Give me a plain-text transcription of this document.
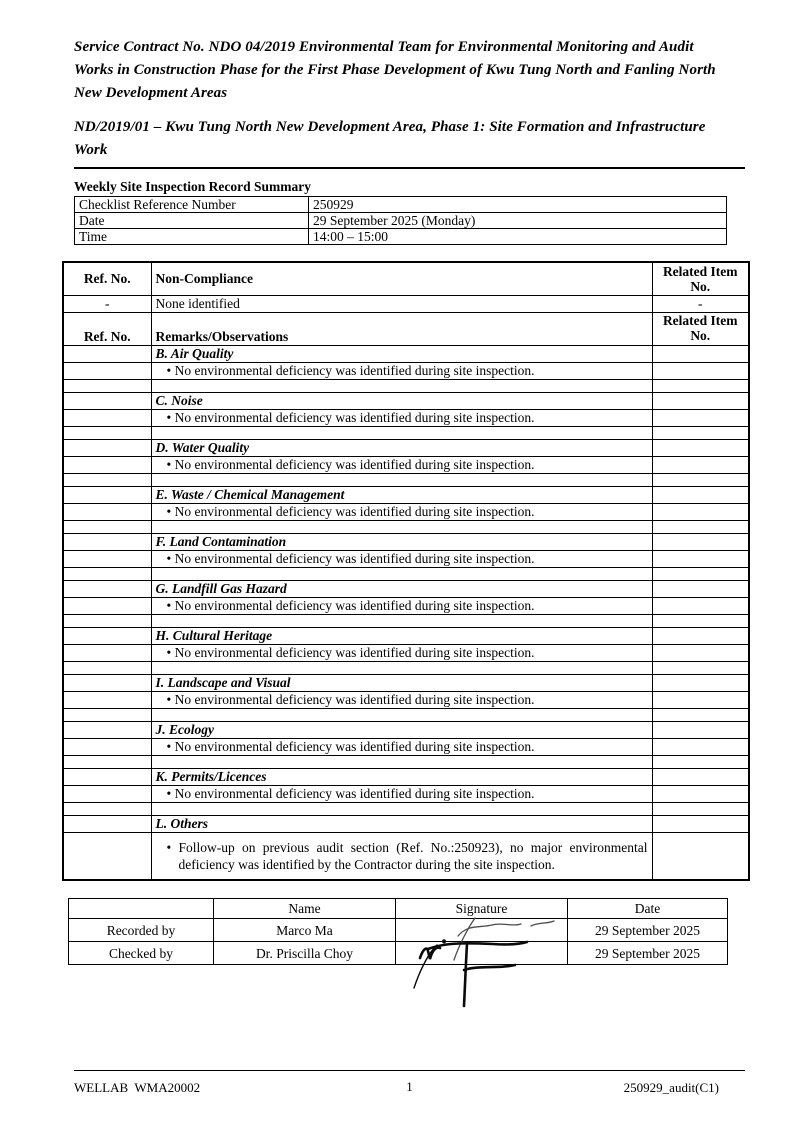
Service Contract No. NDO 04/2019 Environmental Team for Environmental Monitoring and Audit Works in Construction Phase for the First Phase Development of Kwu Tung North and Fanling North New Development Areas

ND/2019/01 – Kwu Tung North New Development Area, Phase 1: Site Formation and Infrastructure Work

Weekly Site Inspection Record Summary
Checklist Reference Number	250929
Date	29 September 2025 (Monday)
Time	14:00 – 15:00
Ref. No.	Non-Compliance	Related Item No.
-	None identified	-
Ref. No.	Remarks/Observations	Related Item No.
	B. Air Quality	

	• No environmental deficiency was identified during site inspection.

	C. Noise	

	• No environmental deficiency was identified during site inspection.

	D. Water Quality	

	• No environmental deficiency was identified during site inspection.

	E. Waste / Chemical Management	

	• No environmental deficiency was identified during site inspection.

	F. Land Contamination	

	• No environmental deficiency was identified during site inspection.

	G. Landfill Gas Hazard	

	• No environmental deficiency was identified during site inspection.

	H. Cultural Heritage	

	• No environmental deficiency was identified during site inspection.

	I. Landscape and Visual	

	• No environmental deficiency was identified during site inspection.

	J. Ecology	

	• No environmental deficiency was identified during site inspection.

	K. Permits/Licences	

	• No environmental deficiency was identified during site inspection.

	L. Others	

	• Follow-up on previous audit section (Ref. No.:250923), no major environmental deficiency was identified by the Contractor during the site inspection.

	Name	Signature	Date
Recorded by	Marco Ma		29 September 2025
Checked by	Dr. Priscilla Choy		29 September 2025
WELLAB  WMA20002	1	250929_audit(C1)
